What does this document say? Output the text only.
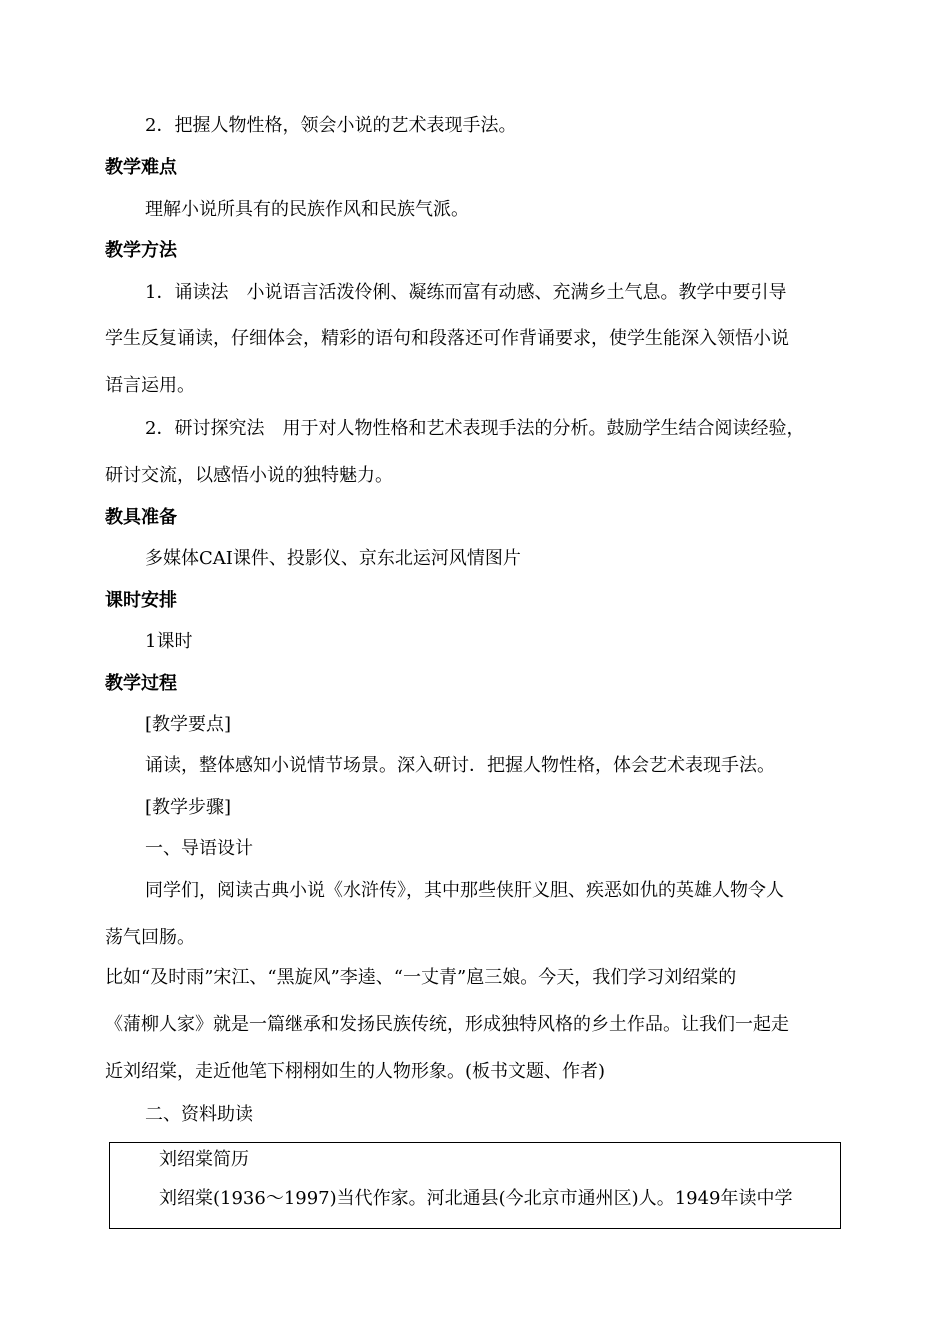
2．把握人物性格，领会小说的艺术表现手法。
教学难点
理解小说所具有的民族作风和民族气派。
教学方法
1．诵读法　小说语言活泼伶俐、凝练而富有动感、充满乡土气息。教学中要引导
学生反复诵读，仔细体会，精彩的语句和段落还可作背诵要求，使学生能深入领悟小说
语言运用。
2．研讨探究法　用于对人物性格和艺术表现手法的分析。鼓励学生结合阅读经验，
研讨交流，以感悟小说的独特魅力。
教具准备
多媒体CAI课件、投影仪、京东北运河风情图片
课时安排
1课时
教学过程
[教学要点]
诵读，整体感知小说情节场景。深入研讨．把握人物性格，体会艺术表现手法。
[教学步骤]
一、导语设计
同学们，阅读古典小说《水浒传》，其中那些侠肝义胆、疾恶如仇的英雄人物令人
荡气回肠。
比如“及时雨”宋江、“黑旋风”李逵、“一丈青”扈三娘。今天，我们学习刘绍棠的
《蒲柳人家》就是一篇继承和发扬民族传统，形成独特风格的乡土作品。让我们一起走
近刘绍棠，走近他笔下栩栩如生的人物形象。(板书文题、作者)
二、资料助读
刘绍棠简历
刘绍棠(1936～1997)当代作家。河北通县(今北京市通州区)人。1949年读中学
